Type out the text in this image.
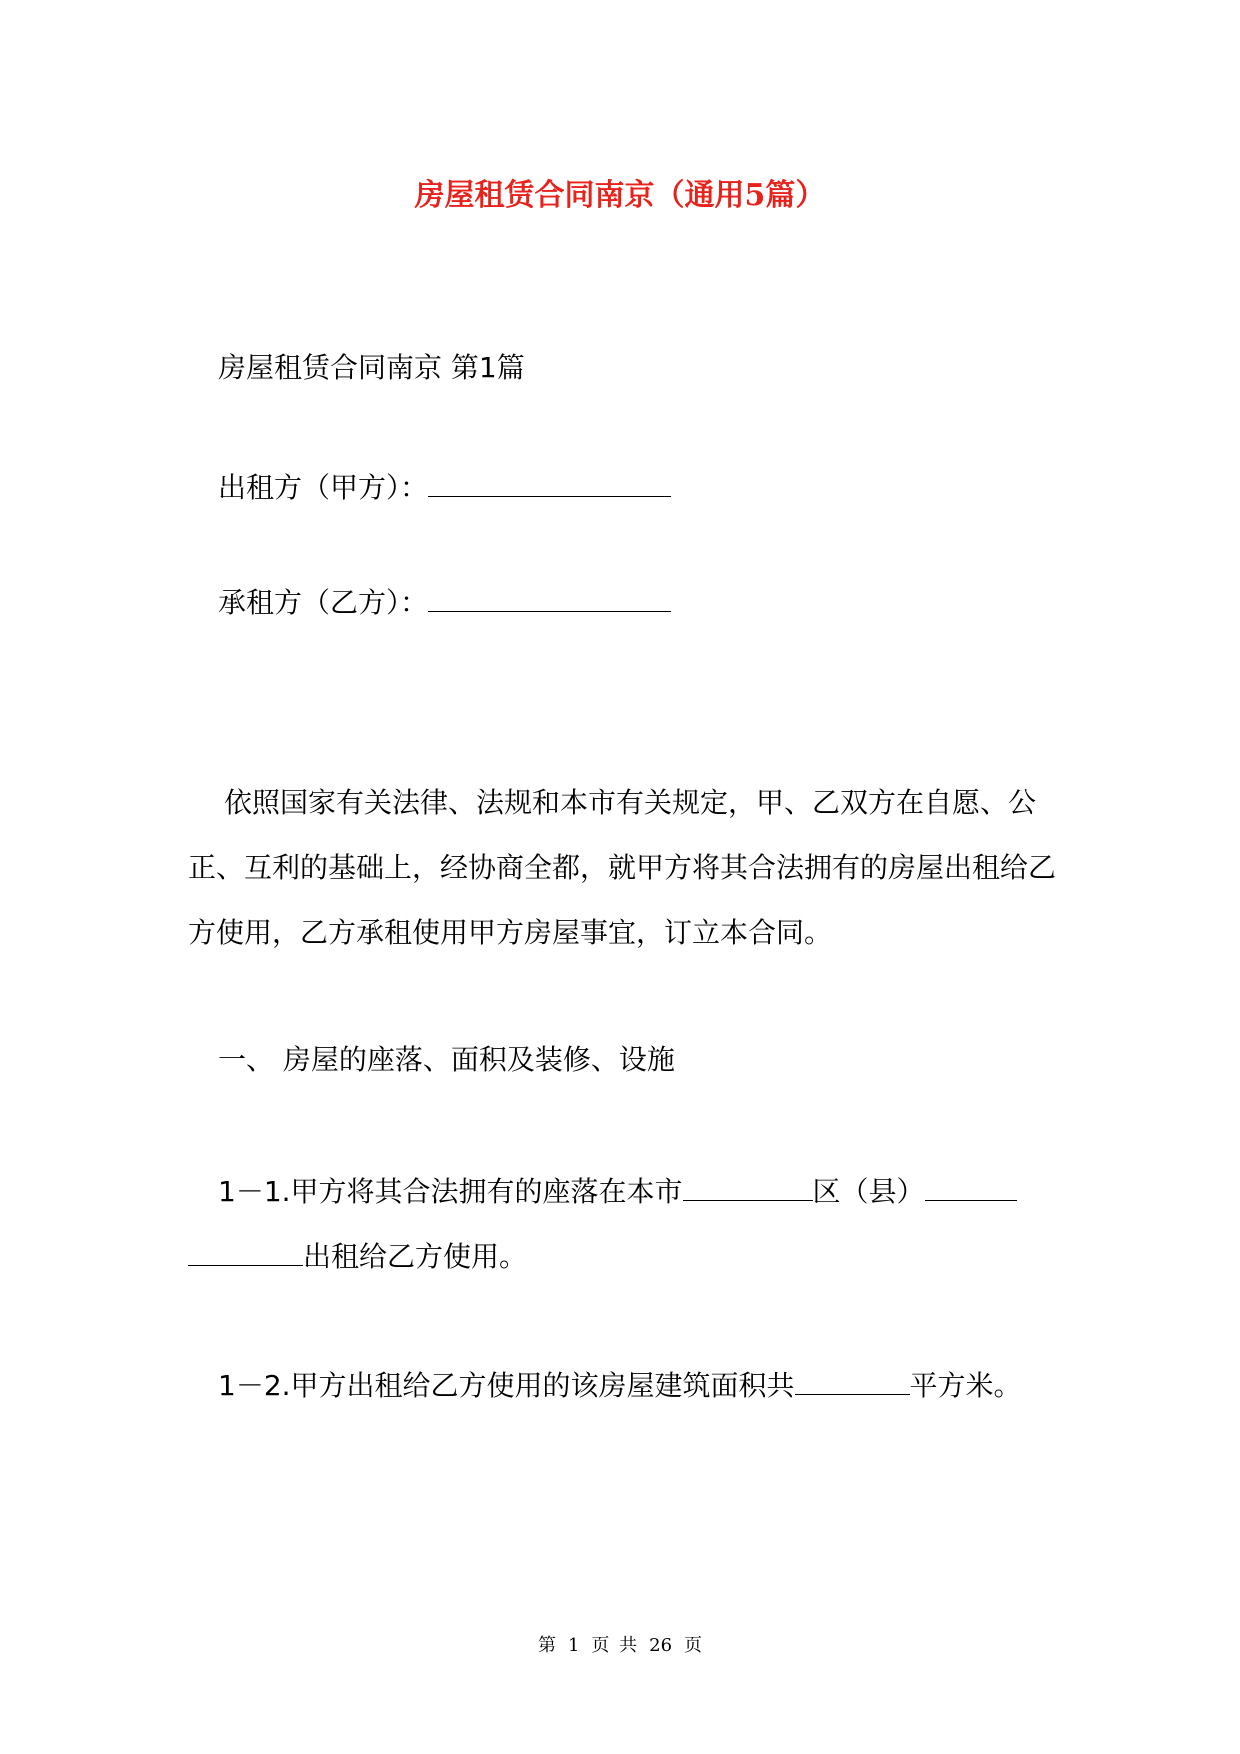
房屋租赁合同南京（通用5篇）
房屋租赁合同南京 第1篇
出租方（甲方）：
承租方（乙方）：

依照国家有关法律、法规和本市有关规定，甲、乙双方在自愿、公正、互利的基础上，经协商全都，就甲方将其合法拥有的房屋出租给乙方使用，乙方承租使用甲方房屋事宜，订立本合同。

一、 房屋的座落、面积及装修、设施
1－1.甲方将其合法拥有的座落在本市	区（县）
出租给乙方使用。
1－2.甲方出租给乙方使用的该房屋建筑面积共	平方米。
第 1 页 共 26 页
